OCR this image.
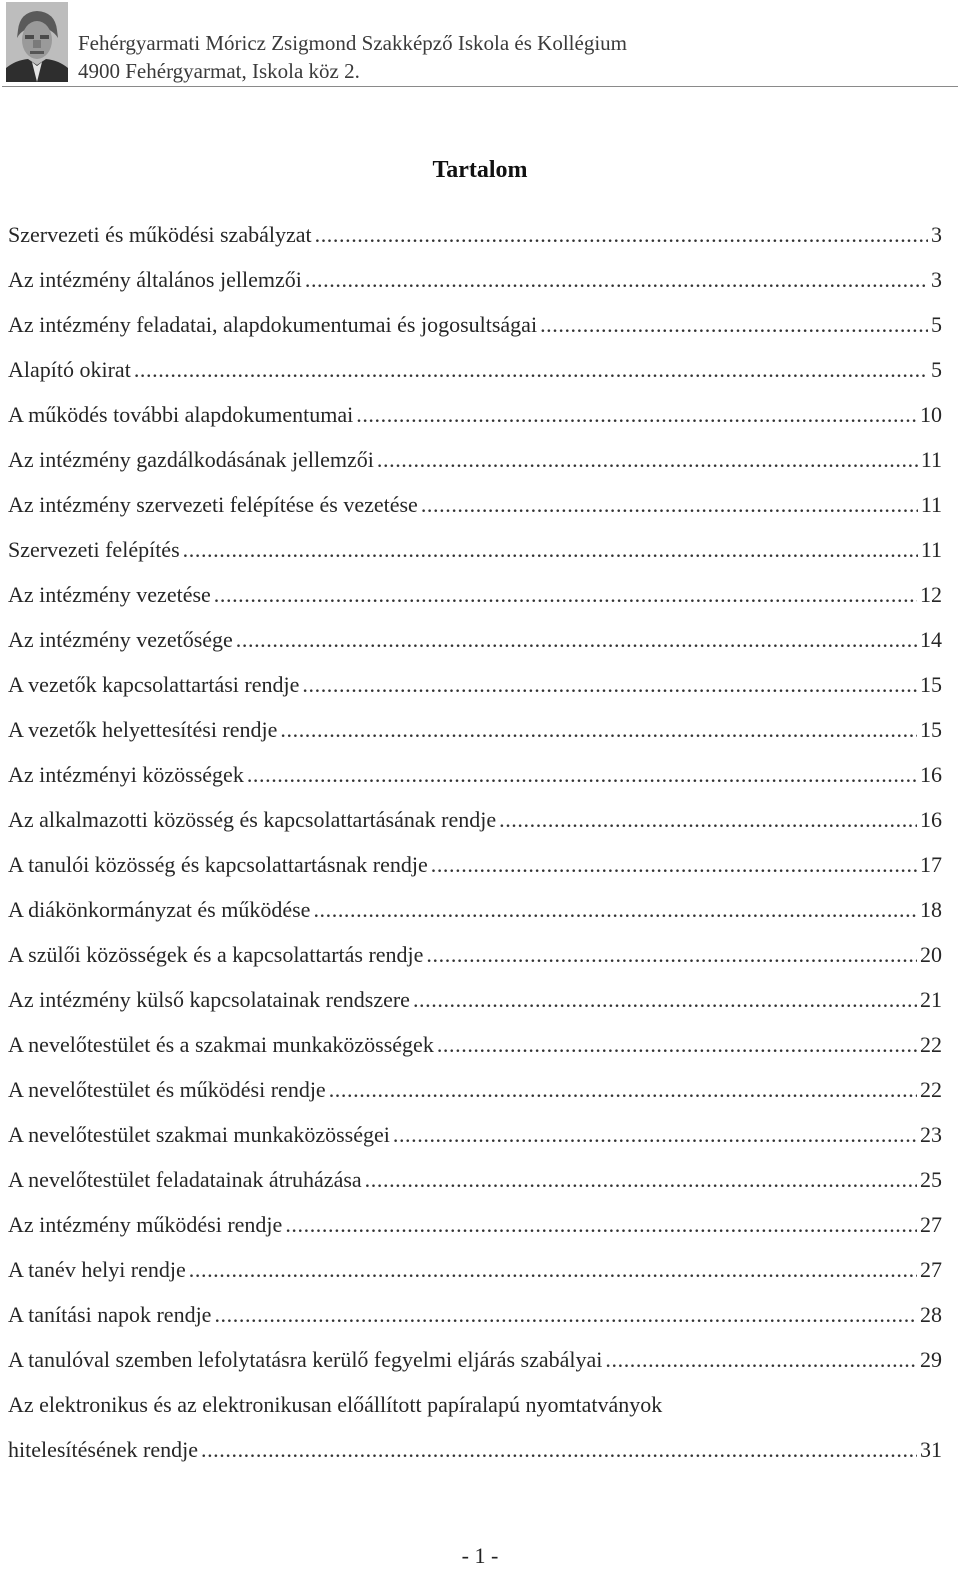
Fehérgyarmati Móricz Zsigmond Szakképző Iskola és Kollégium
4900 Fehérgyarmat, Iskola köz 2.
Tartalom
Szervezeti és működési szabályzat .....	3
Az intézmény általános jellemzői .....	3
Az intézmény feladatai, alapdokumentumai és jogosultságai .....	5
Alapító okirat .....	5
A működés további alapdokumentumai .....	10
Az intézmény gazdálkodásának jellemzői .....	11
Az intézmény szervezeti felépítése és vezetése .....	11
Szervezeti felépítés .....	11
Az intézmény vezetése .....	12
Az intézmény vezetősége .....	14
A vezetők kapcsolattartási rendje .....	15
A vezetők helyettesítési rendje .....	15
Az intézményi közösségek .....	16
Az alkalmazotti közösség és kapcsolattartásának rendje .....	16
A tanulói közösség és kapcsolattartásnak rendje .....	17
A diákönkormányzat és működése .....	18
A szülői közösségek és a kapcsolattartás rendje .....	20
Az intézmény külső kapcsolatainak rendszere .....	21
A nevelőtestület és a szakmai munkaközösségek .....	22
A nevelőtestület és működési rendje .....	22
A nevelőtestület szakmai munkaközösségei .....	23
A nevelőtestület feladatainak átruházása .....	25
Az intézmény működési rendje .....	27
A tanév helyi rendje .....	27
A tanítási napok rendje .....	28
A tanulóval szemben lefolytatásra kerülő fegyelmi eljárás szabályai .....	29
Az elektronikus és az elektronikusan előállított papíralapú nyomtatványok
hitelesítésének rendje .....	31
- 1 -
